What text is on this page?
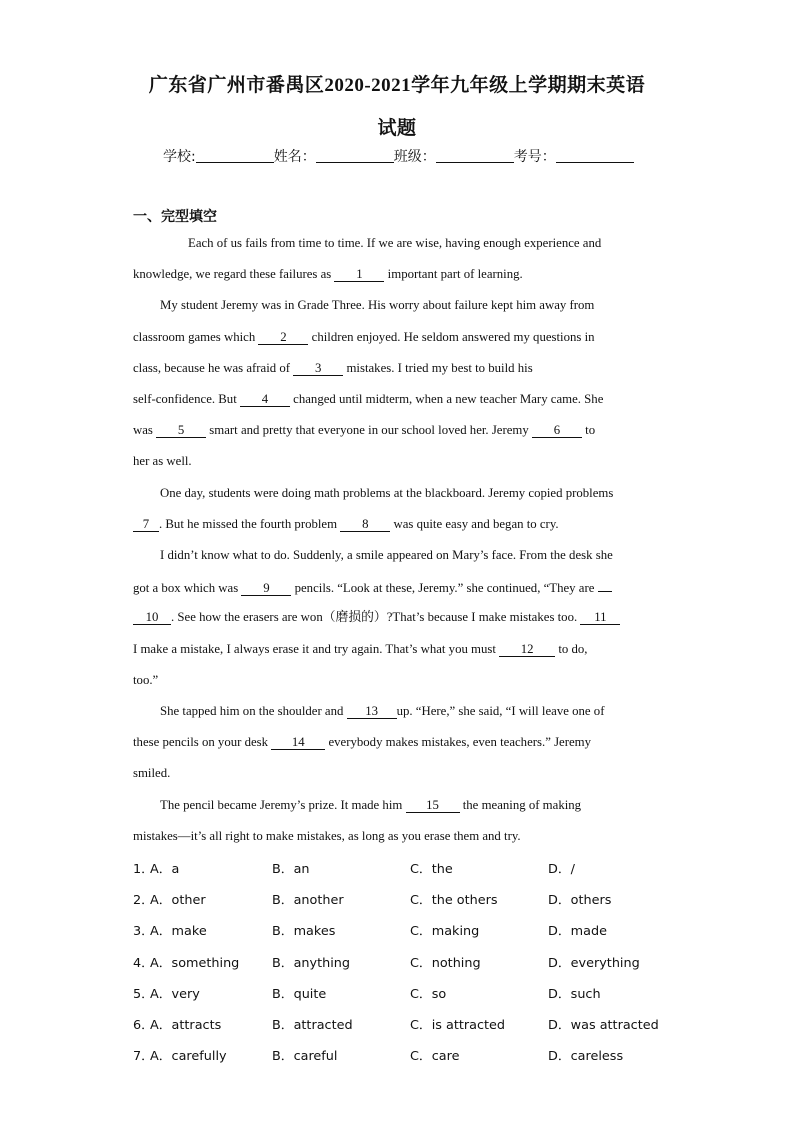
广东省广州市番禺区2020-2021学年九年级上学期期末英语
试题
学校:	姓名：	班级：	考号：
一、完型填空
Each of us fails from time to time. If we are wise, having enough experience and
knowledge, we regard these failures as 1 important part of learning.
My student Jeremy was in Grade Three. His worry about failure kept him away from
classroom games which 2 children enjoyed. He seldom answered my questions in
class, because he was afraid of 3 mistakes. I tried my best to build his
self-confidence. But 4 changed until midterm, when a new teacher Mary came. She
was 5 smart and pretty that everyone in our school loved her. Jeremy 6 to
her as well.
One day, students were doing math problems at the blackboard. Jeremy copied problems
7 . But he missed the fourth problem 8 was quite easy and began to cry.
I didn’t know what to do. Suddenly, a smile appeared on Mary’s face. From the desk she
got a box which was 9 pencils. “Look at these, Jeremy.” she continued, “They are
10 . See how the erasers are won（磨损的）?That’s because I make mistakes too. 11
I make a mistake, I always erase it and try again. That’s what you must 12 to do,
too.”
She tapped him on the shoulder and 13 up. “Here,” she said, “I will leave one of
these pencils on your desk 14 everybody makes mistakes, even teachers.” Jeremy
smiled.
The pencil became Jeremy’s prize. It made him 15 the meaning of making
mistakes—it’s all right to make mistakes, as long as you erase them and try.
1．
A．a	B．an	C．the	D．/
2．
A．other	B．another	C．the others	D．others
3．
A．make	B．makes	C．making	D．made
4．
A．something	B．anything	C．nothing	D．everything
5．
A．very	B．quite	C．so	D．such
6．
A．attracts	B．attracted	C．is attracted	D．was attracted
7．
A．carefully	B．careful	C．care	D．careless
